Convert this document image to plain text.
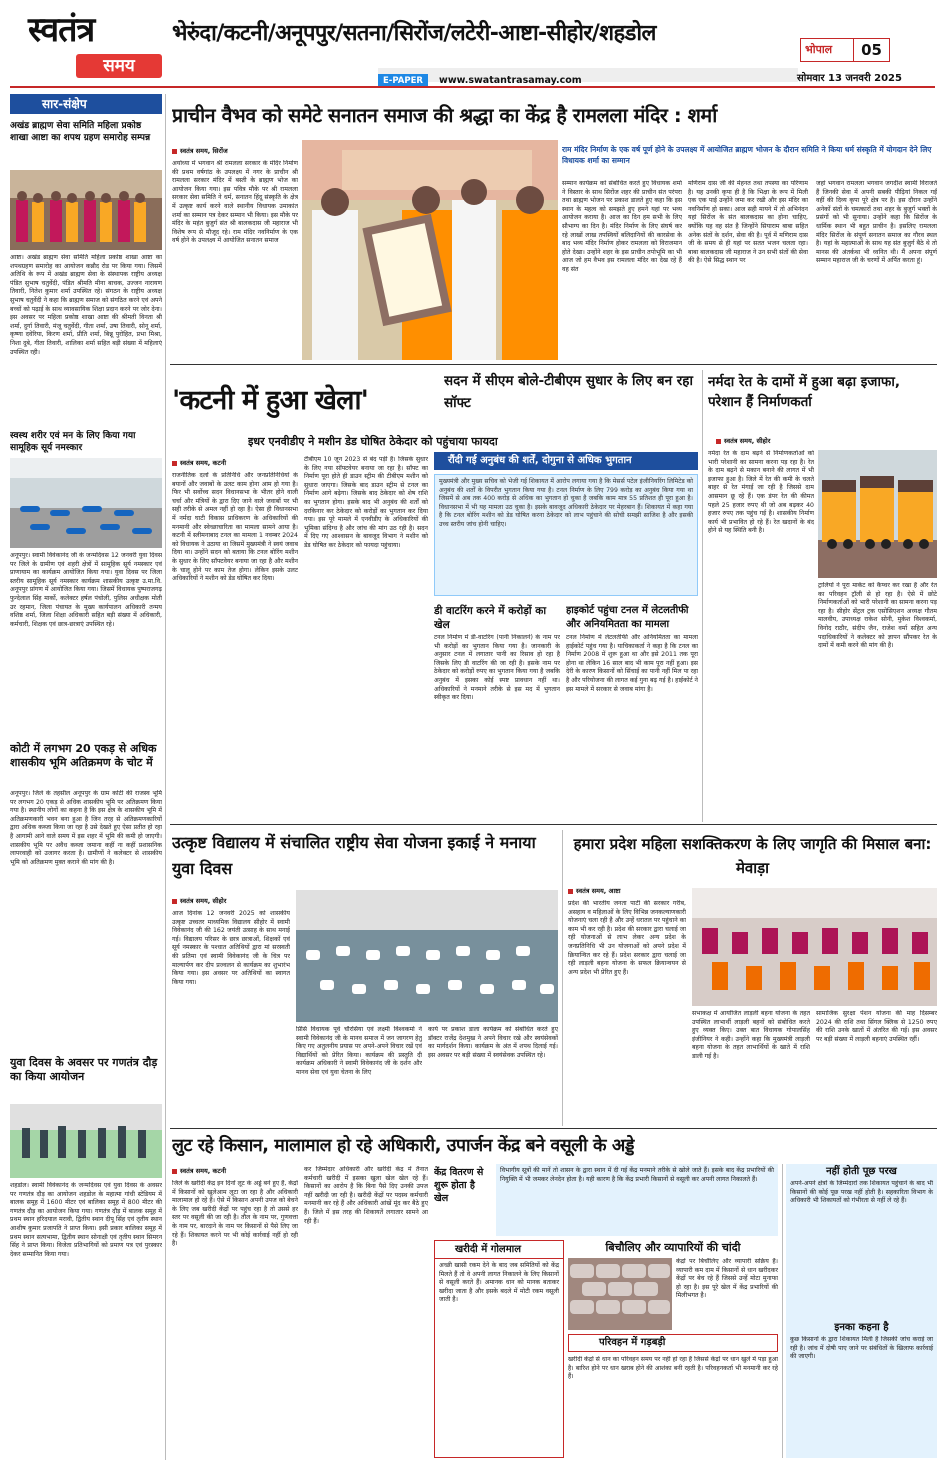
स्वतंत्र
समय
भेरुंदा/कटनी/अनूपपुर/सतना/सिरोंज/लटेरी-आष्टा-सीहोर/शहडोल
E-PAPER www.swatantrasamay.com
भोपाल	05
सोमवार 13 जनवरी 2025
सार-संक्षेप
अखंड ब्राह्मण सेवा समिति महिला प्रकोष्ठ शाखा आष्टा का शपथ ग्रहण समारोह सम्पन्न
आष्टा। अखंड ब्राह्मण सेवा समिति महिला प्रकोष्ठ शाखा आष्टा का शपथग्रहण समारोह का आयोजन कन्नौद रोड पर किया गया। जिसमें अतिथि के रूप में अखंड ब्राह्मण सेवा के संस्थापक राष्ट्रीय अध्यक्ष पंडित सुभाष चतुर्वेदी, पंडित श्रीमति मीना बाचक, उज्जन नारायण तिवारी, नितेश कुमार शर्मा उपस्थित रहे। संगठन के राष्ट्रीय अध्यक्ष सुभाष चतुर्वेदी ने कहा कि ब्राह्मण समाज को संगठित करने एवं अपने बच्चों को पढ़ाई के साथ व्यावसायिक शिक्षा प्रदान करने पर जोर देना। इस अवसर पर महिला प्रकोष्ठ शाखा आष्टा की श्रीमती विनता श्री शर्मा, दुर्गा तिवारी, मंजू चतुर्वेदी, गीता शर्मा, उषा तिवारी, सोनू शर्मा, कृष्णा दवेरिया, किरण शर्मा, प्रीति शर्मा, बिन्नू पुरोहित, प्रभा मिश्रा, निशा दुबे, गीता तिवारी, शालिका शर्मा सहित बड़ी संख्या में महिलाएं उपस्थित रही।
स्वस्थ शरीर एवं मन के लिए किया गया सामूहिक सूर्य नमस्कार
अनूपपुर। स्वामी विवेकानंद जी के जन्मदिवस 12 जनवरी युवा दिवस पर जिले के ग्रामीण एवं शहरी क्षेत्रों में सामूहिक सूर्य नमस्कार एवं प्राणायाम का कार्यक्रम आयोजित किया गया। युवा दिवस पर जिला स्तरीय सामूहिक सूर्य नमस्कार कार्यक्रम शासकीय उत्कृष्ट उ.मा.वि. अनूपपुर प्रांगण में आयोजित किया गया। जिसमें विधायक पुष्पराजगढ़ फुन्देलाल सिंह मार्को, कलेक्टर हर्षल पंचोली, पुलिस अधीक्षक मोती उर रहमान, जिला पंचायत के मुख्य कार्यपालन अधिकारी तन्मय वशिष्ठ शर्मा, जिला शिक्षा अधिकारी सहित बड़ी संख्या में अधिकारी, कर्मचारी, शिक्षक एवं छात्र-छात्राएं उपस्थित रहे।
कोटी में लगभग 20 एकड़ से अधिक शासकीय भूमि अतिक्रमण के चोट में
अनूपपुर। जिले के तहसील अनूपपुर के ग्राम कोटी की राजस्व भूमि पर लगभग 20 एकड़ से अधिक शासकीय भूमि पर अतिक्रमण किया गया है। स्थानीय लोगों का कहना है कि इस क्षेत्र के शासकीय भूमि में अतिक्रमणकारी भवन बना हुआ है जिन तरह से अतिक्रमणकारियों द्वारा अधिक कब्जा किया जा रहा है उसे देखते हुए ऐसा प्रतीत हो रहा है आगामी आने वाले समय में इस शहर में भूमि की कमी हो जाएगी। शासकीय भूमि पर अवैध कब्जा जमाना कहीं ना कहीं प्रशासनिक लापरवाही को उजागर करता है। ग्रामीणों ने कलेक्टर से शासकीय भूमि को अतिक्रमण मुक्त कराने की मांग की है।
युवा दिवस के अवसर पर गणतंत्र दौड़ का किया आयोजन
शहडोल। स्वामी विवेकानंद के जन्मदिवस एवं युवा दिवस के अवसर पर गणतंत्र दौड़ का आयोजन शहडोल के महात्मा गांधी स्टेडियम में बालक समूह में 1600 मीटर एवं बालिका समूह में 800 मीटर की गणतंत्र दौड़ का आयोजन किया गया। गणतंत्र दौड़ में बालक समूह में प्रथम स्थान हरिदयाल मरावी, द्वितीय स्थान दीपू सिंह एवं तृतीय स्थान आशीष कुमार प्रजापति ने प्राप्त किया। इसी प्रकार बालिका समूह में प्रथम स्थान सत्यभामा, द्वितीय स्थान सोनाक्षी एवं तृतीय स्थान सिमरन सिंह ने प्राप्त किया। विजेता प्रतिभागियों को प्रमाण पत्र एवं पुरस्कार देकर सम्मानित किया गया।
प्राचीन वैभव को समेटे सनातन समाज की श्रद्धा का केंद्र है रामलला मंदिर : शर्मा
स्वतंत्र समय, सिरोंज
अयोध्या में भगवान श्री रामलला सरकार के मंदिर निर्माण की प्रथम वर्षगांठ के उपलक्ष्य में नगर के प्राचीन श्री रामलला सरकार मंदिर में बस्ती के ब्राह्मण भोज का आयोजन किया गया। इस पवित्र मौके पर श्री रामलला सरकार सेवा समिति ने धर्म, सनातन हिंदू संस्कृति के क्षेत्र में उत्कृष्ट कार्य करने वाले स्थानीय विधायक उमाकांत शर्मा का सम्मान पत्र देकर सम्मान भी किया। इस मौके पर मंदिर के महंत बुजुर्ग संत श्री बालकदास जी महाराज भी विशेष रूप से मौजूद रहे। राम मंदिर नवनिर्माण के एक वर्ष होने के उपलक्ष्य में आयोजित सनातन समाज
राम मंदिर निर्माण के एक वर्ष पूर्ण होने के उपलक्ष्य में आयोजित ब्राह्मण भोजन के दौरान समिति ने किया धर्म संस्कृति में योगदान देने लिए विधायक शर्मा का सम्मान
सम्मान कार्यक्रम को संबोधित करते हुए विधायक शर्मा ने विस्तार के साथ सिरोंज शहर की प्राचीन संत परंपरा तथा ब्राह्मण भोजन पर प्रकाश डालते हुए कहा कि इस स्थान के महत्व को समझते हुए हमने यहां पर भव्य आयोजन कराया है। आज का दिन हम सभी के लिए सौभाग्य का दिन है। मंदिर निर्माण के लिए संघर्ष कर रहे लाखों लाख तपस्वियों बलिदानियों की कारसेवा के बाद भव्य मंदिर निर्माण होकर रामलला को विराजमान होते देखा। उन्होंने शहर के इस प्राचीन तपोभूमि का भी आज जो हम वैभव इस रामलला मंदिर का देख रहे हैं वह संत
मणिराम दास जी की मेहनत तथा तपस्या का परिणाम है। यह उनकी कृपा ही है कि भिक्षा के रूप में मिली एक एक पाई उन्होंने जमा कर रखी और इस मंदिर का नवनिर्माण हो सका। आज सही मायने में तो अभिनंदन यहां सिरोंज के संत बालकदास का होना चाहिए, क्योंकि यह वह संत है जिन्होंने सियाराम बाबा सहित अनेक संतों के दर्शन, सेवा की है। पूर्व में मणिराम दास जी के समय से ही यहां पर सतत भजन चलता रहा। बाबा बालकदास जी महाराज ने उन सभी संतों की सेवा की है। ऐसे सिद्ध स्थान पर
जहां भगवान रामलला भगवान जगदीश स्वामी विराजते हैं जिनकी सेवा में अपनी सबकी पीढ़ियां निकल गईं वहीं की दिव्य कृपा पूरे क्षेत्र पर है। इस दौरान उन्होंने अनेकों संतों के चमत्कारों तथा शहर के बुजुर्ग भक्तों के प्रसंगों को भी सुनाया। उन्होंने कहा कि सिरोंज के धार्मिक स्थान भी बहुत प्राचीन है। इसलिए रामलला मंदिर सिरोंज के संपूर्ण सनातन समाज का गौरव स्थल है। यहां के महात्माओं के साथ यह संत बुजुर्ग बैठे थे तो मानस की अंतर्कथा भी ध्वनित थी। मैं अपना संपूर्ण सम्मान महाराज जी के चरणों में अर्पित करता हूं।
'कटनी में हुआ खेला'
सदन में सीएम बोले-टीबीएम सुधार के लिए बन रहा सॉफ्ट
इधर एनवीडीए ने मशीन डेड घोषित ठेकेदार को पहुंचाया फायदा
रौंदी गई अनुबंध की शर्तें, दोगुना से अधिक भुगतान
स्वतंत्र समय, कटनी
राजनीतिक दलों के प्रतिनिधि और जनप्रतिनिधियों के बयानों और जवाबों के उलट काम होना आम हो गया है। फिर भी सर्वोच्च सदन विधानसभा के भीतर होने वाली चर्चा और मंत्रियों के द्वारा दिए जाने वाले जवाबों पर भी सही तरीके से अमल नहीं हो रहा है। ऐसा ही विधानसभा में नर्मदा घाटी विकास प्राधिकरण के अधिकारियों की मनमानी और स्वेच्छाचारिता का मामला सामने आया है। कटनी में स्लीमनाबाद टनल का मामला 1 नवम्बर 2024 को विधायक ने उठाया था जिसमें मुख्यमंत्री ने स्वयं जवाब दिया था। उन्होंने सदन को बताया कि टनल बोरिंग मशीन के सुधार के लिए सॉफ्टवेयर बनाया जा रहा है और मशीन के चालू होने पर काम तेज होगा। लेकिन इसके उलट अधिकारियों ने मशीन को डेड घोषित कर दिया।
टीबीएम 10 जून 2023 से बंद पड़ी है। जिसके सुधार के लिए नया सॉफ्टवेयर बनाया जा रहा है। सॉफ्ट का निर्माण पूरा होते ही डाउन स्ट्रीम की टीबीएम मशीन को सुधारा जाएगा। जिसके बाद डाउन स्ट्रीम से टनल का निर्माण आगे बढ़ेगा। जिसके बाद ठेकेदार को शेष राशि का भुगतान होगा। इसके बाद भी अनुबंध की शर्तों को दरकिनार कर ठेकेदार को करोड़ों का भुगतान कर दिया गया। इस पूरे मामले में एनवीडीए के अधिकारियों की भूमिका संदिग्ध है और जांच की मांग उठ रही है। सदन में दिए गए आश्वासन के बावजूद विभाग ने मशीन को डेड घोषित कर ठेकेदार को फायदा पहुंचाया।
मुख्यमंत्री और मुख्य सचिव को भेजी गई शिकायत में आरोप लगाया गया है कि मेसर्स पटेल इंजीनियरिंग लिमिटेड को अनुबंध की शर्तों के विपरीत भुगतान किया गया है। टनल निर्माण के लिए 799 करोड़ का अनुबंध किया गया था जिसमें से अब तक 400 करोड़ से अधिक का भुगतान हो चुका है जबकि काम मात्र 55 प्रतिशत ही पूरा हुआ है। विधानसभा में भी यह मामला उठ चुका है। इसके बावजूद अधिकारी ठेकेदार पर मेहरबान हैं। शिकायत में कहा गया है कि टनल बोरिंग मशीन को डेड घोषित करना ठेकेदार को लाभ पहुंचाने की सोची समझी साजिश है और इसकी उच्च स्तरीय जांच होनी चाहिए।
डी वाटरिंग करने में करोड़ों का खेल
टनल निर्माण में डी-वाटरिंग (पानी निकालने) के नाम पर भी करोड़ों का भुगतान किया गया है। जानकारी के अनुसार टनल में लगातार पानी का रिसाव हो रहा है जिसके लिए डी वाटरिंग की जा रही है। इसके नाम पर ठेकेदार को करोड़ों रुपए का भुगतान किया गया है जबकि अनुबंध में इसका कोई स्पष्ट प्रावधान नहीं था। अधिकारियों ने मनमाने तरीके से इस मद में भुगतान स्वीकृत कर दिया।
हाइकोर्ट पहुंचा टनल में लेटलतीफी और अनियमितता का मामला
टनल निर्माण में लेटलतीफी और अनियमितता का मामला हाईकोर्ट पहुंच गया है। याचिकाकर्ता ने कहा है कि टनल का निर्माण 2008 में शुरू हुआ था और इसे 2011 तक पूरा होना था लेकिन 16 साल बाद भी काम पूरा नहीं हुआ। इस देरी के कारण किसानों को सिंचाई का पानी नहीं मिल पा रहा है और परियोजना की लागत कई गुना बढ़ गई है। हाईकोर्ट ने इस मामले में सरकार से जवाब मांगा है।
नर्मदा रेत के दामों में हुआ बढ़ा इजाफा, परेशान हैं निर्माणकर्ता
स्वतंत्र समय, सीहोर
नर्मदा रेत के दाम बढ़ने से निर्माणकर्ताओं को भारी परेशानी का सामना करना पड़ रहा है। रेत के दाम बढ़ने से मकान बनाने की लागत में भी इजाफा हुआ है। जिले में रेत की कमी के चलते बाहर से रेत मंगाई जा रही है जिससे दाम आसमान छू रहे हैं। एक डंपर रेत की कीमत पहले 25 हजार रुपए थी जो अब बढ़कर 40 हजार रुपए तक पहुंच गई है। शासकीय निर्माण कार्य भी प्रभावित हो रहे हैं। रेत खदानों के बंद होने से यह स्थिति बनी है।
ट्रालियों ने पूरा मार्केट को कैप्चर कर रखा है और रेत का परिवहन ट्रॉली से हो रहा है। ऐसे में छोटे निर्माणकर्ताओं को भारी परेशानी का सामना करना पड़ रहा है। सीहोर सेंट्रल ट्रक एसोसिएशन अध्यक्ष गौतम मालवीय, उपाध्यक्ष राकेश सोनी, मुकेश विश्वकर्मा, विनोद राठौर, संदीप जैन, राजेश वर्मा सहित अन्य पदाधिकारियों ने कलेक्टर को ज्ञापन सौंपकर रेत के दामों में कमी करने की मांग की है।
उत्कृष्ट विद्यालय में संचालित राष्ट्रीय सेवा योजना इकाई ने मनाया युवा दिवस
स्वतंत्र समय, सीहोर
आज दिनांक 12 जनवरी 2025 को शासकीय उत्कृष्ट उच्चतर माध्यमिक विद्यालय सीहोर में स्वामी विवेकानंद जी की 162 जयंती उत्साह के साथ मनाई गई। विद्यालय परिसर के छात्र छात्राओं, शिक्षकों एवं सूर्य नमस्कार के पश्चात अतिथियों द्वारा मां सरस्वती की प्रतिमा एवं स्वामी विवेकानंद जी के चित्र पर माल्यार्पण कर दीप प्रज्वलन से कार्यक्रम का शुभारंभ किया गया। इस अवसर पर अतिथियों का स्वागत किया गया।
प्रिंसि विधायक पूर्व चौरसिया एवं लक्ष्मी विश्वकर्मा ने स्वामी विवेकानंद जी के मानव समाज में जन जागरण हेतु किए गए अतुलनीय प्रयास पर अपने-अपने विचार रखें एवं विद्यार्थियों को प्रेरित किया। कार्यक्रम की प्रस्तुति दी कार्यक्रम अधिकारी ने स्वामी विवेकानंद जी के दर्शन और मानव सेवा एवं युवा चेतना के लिए
कार्य पर प्रकाश डाला कार्यक्रम को संबोधित करते हुए डॉक्टर राजेंद्र देशमुख ने अपने विचार रखे और स्वयंसेवकों का मार्गदर्शन किया। कार्यक्रम के अंत में शपथ दिलाई गई। इस अवसर पर बड़ी संख्या में स्वयंसेवक उपस्थित रहे।
हमारा प्रदेश महिला सशक्तिकरण के लिए जागृति की मिसाल बना: मेवाड़ा
स्वतंत्र समय, आष्टा
प्रदेश की भारतीय जनता पार्टी की सरकार गरीब, असहाय व महिलाओं के लिए विभिन्न जनकल्याणकारी योजनाएं चला रही है और उन्हें धरातल पर पहुंचाने का काम भी कर रही है। प्रदेश की सरकार द्वारा चलाई जा रही योजनाओं से लाभ लेकर अन्य प्रदेश के जनप्रतिनिधि भी उन योजनाओं को अपने प्रदेश में क्रियान्वित कर रहे हैं। प्रदेश सरकार द्वारा चलाई जा रही लाड़ली बहना योजना के सफल क्रियान्वयन से अन्य प्रदेश भी प्रेरित हुए हैं।
सभाकक्ष में आयोजित लाड़ली बहना योजना के तहत उपस्थित लाभार्थी लाड़ली बहनों को संबोधित करते हुए व्यक्त किए। उक्त बात विधायक गोपालसिंह इंजीनियर ने कही। उन्होंने कहा कि मुख्यमंत्री लाड़ली बहना योजना के तहत लाभार्थियों के खाते में राशि डाली गई है।
सामाजिक सुरक्षा पेंशन योजना की माह दिसम्बर 2024 की राशि तथा सिंगल क्लिक से 1250 रुपए की राशि उनके खातों में अंतरित की गई। इस अवसर पर बड़ी संख्या में लाड़ली बहनाएं उपस्थित रहीं।
लुट रहे किसान, मालामाल हो रहे अधिकारी, उपार्जन केंद्र बने वसूली के अड्डे
स्वतंत्र समय, कटनी
जिले के खरीदी केंद्र इन दिनों लूट के अड्डे बने हुए हैं, केंद्रों में किसानों को खुलेआम लूटा जा रहा है और अधिकारी मालामाल हो रहे हैं। ऐसे में किसान अपनी उपज को बेचने के लिए जब खरीदी केंद्रों पर पहुंच रहा है तो उससे हर स्तर पर वसूली की जा रही है। तौल के नाम पर, गुणवत्ता के नाम पर, बारदाने के नाम पर किसानों से पैसे लिए जा रहे हैं। शिकायत करने पर भी कोई कार्रवाई नहीं हो रही है।
कर जिम्मेदार अधिकारी और खरीदी केंद्र में तैनात कर्मचारी खरीदी में इसका खुला खेल खेल रहे हैं। किसानों का आरोप है कि बिना पैसे दिए उनकी उपज नहीं खरीदी जा रही है। खरीदी केंद्रों पर पदस्थ कर्मचारी मनमानी कर रहे हैं और अधिकारी आंखें मूंद कर बैठे हुए हैं। जिले में इस तरह की शिकायतें लगातार सामने आ रही हैं।
केंद्र वितरण से शुरू होता है खेल
विभागीय सूत्रों की मानें तो शासन के द्वारा स्थान में दी गई केंद्र मनमाने तरीके से खोले जाते हैं। इसके बाद केंद्र प्रभारियों की नियुक्ति में भी जमकर लेनदेन होता है। यही कारण है कि केंद्र प्रभारी किसानों से वसूली कर अपनी लागत निकालते हैं।
खरीदी में गोलमाल
अच्छी खासी रकम देने के बाद जब समितियों को केंद्र मिलते हैं तो वे अपनी लागत निकालने के लिए किसानों से वसूली करते हैं। अमानक धान को मानक बताकर खरीदा जाता है और इसके बदले में मोटी रकम वसूली जाती है।
बिचौलिए और व्यापारियों की चांदी
केंद्रों पर बिचौलिए और व्यापारी सक्रिय हैं। व्यापारी कम दाम में किसानों से धान खरीदकर केंद्रों पर बेच रहे हैं जिससे उन्हें मोटा मुनाफा हो रहा है। इस पूरे खेल में केंद्र प्रभारियों की मिलीभगत है।
परिवहन में गड़बड़ी
खरीदी केंद्रों से धान का परिवहन समय पर नहीं हो रहा है जिससे केंद्रों पर धान खुले में पड़ा हुआ है। बारिश होने पर धान खराब होने की आशंका बनी रहती है। परिवहनकर्ता भी मनमानी कर रहे हैं।
नहीं होती पूछ परख
अपने-अपने क्षेत्रों के जिम्मेदारों तक शिकायत पहुंचाने के बाद भी किसानों की कोई पूछ परख नहीं होती है। सहकारिता विभाग के अधिकारी भी शिकायतों को गंभीरता से नहीं ले रहे हैं।
इनका कहना है
कुछ किसानों के द्वारा शिकायत मिली है जिसकी जांच कराई जा रही है। जांच में दोषी पाए जाने पर संबंधितों के खिलाफ कार्रवाई की जाएगी।
